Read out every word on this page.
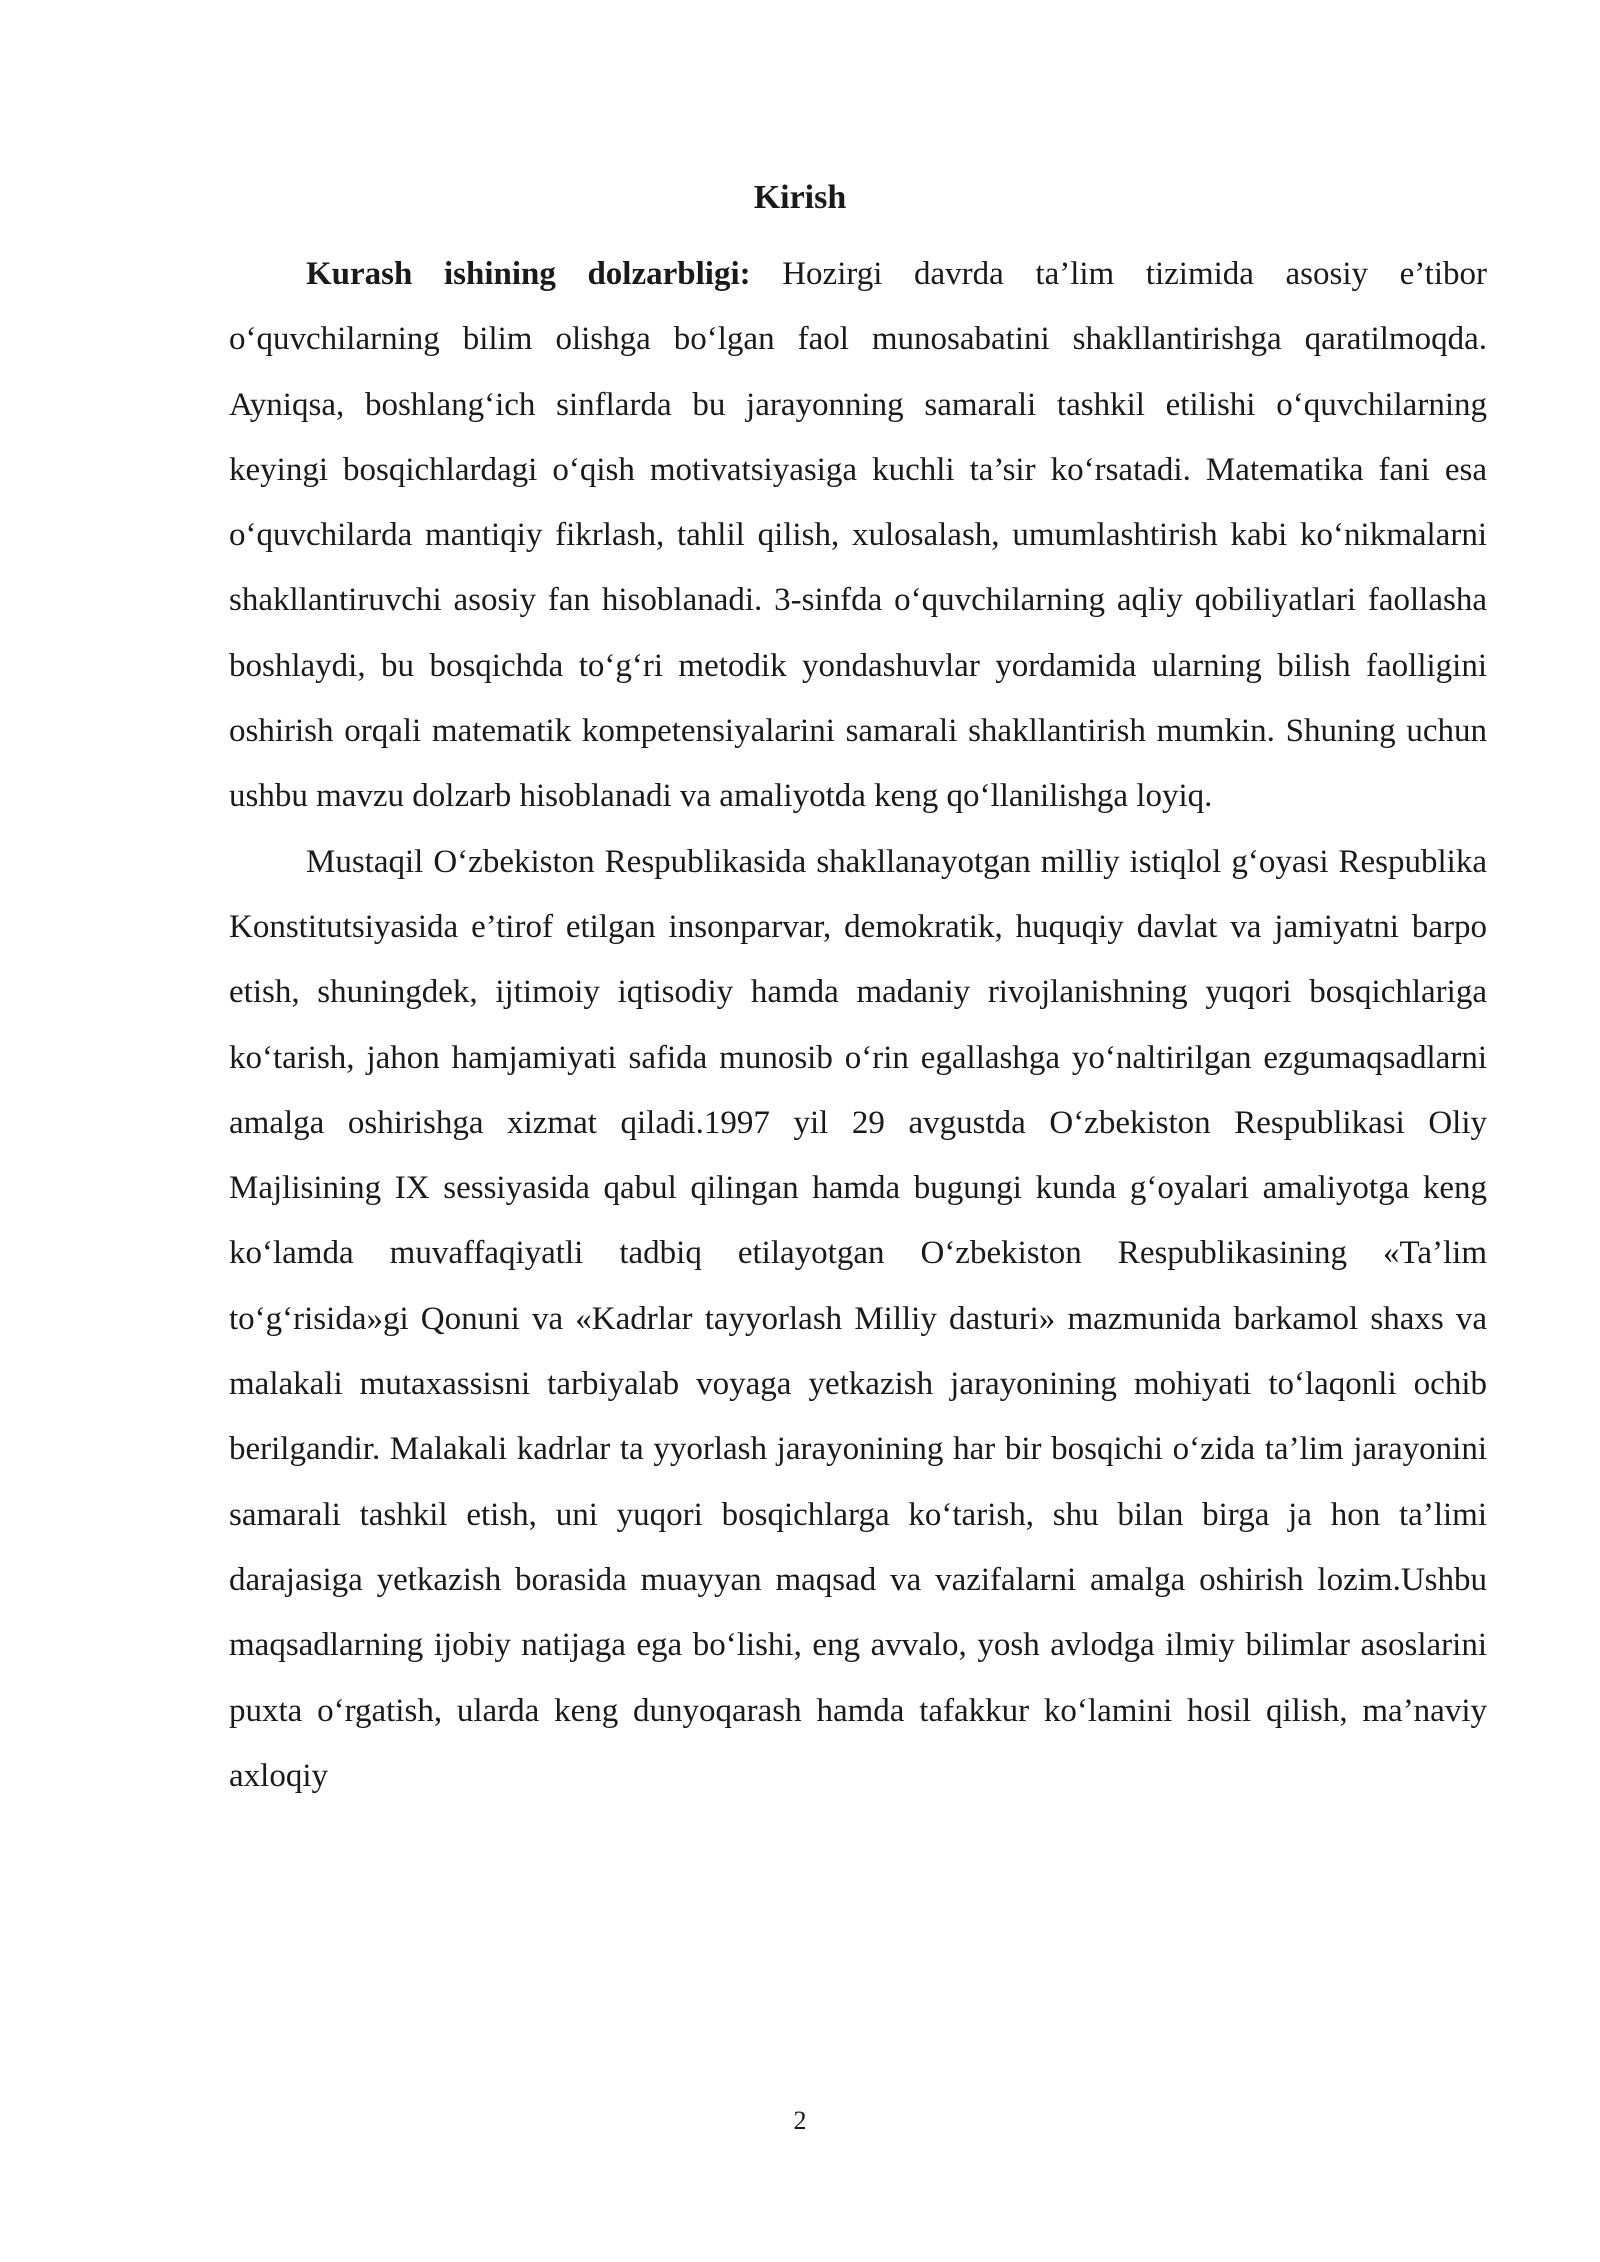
Kirish

Kurash ishining dolzarbligi: Hozirgi davrda ta’lim tizimida asosiy e’tibor o‘quvchilarning bilim olishga bo‘lgan faol munosabatini shakllantirishga qaratilmoqda. Ayniqsa, boshlang‘ich sinflarda bu jarayonning samarali tashkil etilishi o‘quvchilarning keyingi bosqichlardagi o‘qish motivatsiyasiga kuchli ta’sir ko‘rsatadi. Matematika fani esa o‘quvchilarda mantiqiy fikrlash, tahlil qilish, xulosalash, umumlashtirish kabi ko‘nikmalarni shakllantiruvchi asosiy fan hisoblanadi. 3-sinfda o‘quvchilarning aqliy qobiliyatlari faollasha boshlaydi, bu bosqichda to‘g‘ri metodik yondashuvlar yordamida ularning bilish faolligini oshirish orqali matematik kompetensiyalarini samarali shakllantirish mumkin. Shuning uchun ushbu mavzu dolzarb hisoblanadi va amaliyotda keng qo‘llanilishga loyiq.

Mustaqil O‘zbekiston Respublikasida shakllanayotgan milliy istiqlol g‘oyasi Respublika Konstitutsiyasida e’tirof etilgan insonparvar, demokratik, huquqiy davlat va jamiyatni barpo etish, shuningdek, ijtimoiy iqtisodiy hamda madaniy rivojlanishning yuqori bosqichlariga ko‘tarish, jahon hamjamiyati safida munosib o‘rin egallashga yo‘naltirilgan ezgumaqsadlarni amalga oshirishga xizmat qiladi.1997 yil 29 avgustda O‘zbekiston Respublikasi Oliy Majlisining IX sessiyasida qabul qilingan hamda bugungi kunda g‘oyalari amaliyotga keng ko‘lamda muvaffaqiyatli tadbiq etilayotgan O‘zbekiston Respublikasining «Ta’lim to‘g‘risida»gi Qonuni va «Kadrlar tayyorlash Milliy dasturi» mazmunida barkamol shaxs va malakali mutaxassisni tarbiyalab voyaga yetkazish jarayonining mohiyati to‘laqonli ochib berilgandir. Malakali kadrlar ta yyorlash jarayonining har bir bosqichi o‘zida ta’lim jarayonini samarali tashkil etish, uni yuqori bosqichlarga ko‘tarish, shu bilan birga ja hon ta’limi darajasiga yetkazish borasida muayyan maqsad va vazifalarni amalga oshirish lozim.Ushbu maqsadlarning ijobiy natijaga ega bo‘lishi, eng avvalo, yosh avlodga ilmiy bilimlar asoslarini puxta o‘rgatish, ularda keng dunyoqarash hamda tafakkur ko‘lamini hosil qilish, ma’naviy axloqiy

2
